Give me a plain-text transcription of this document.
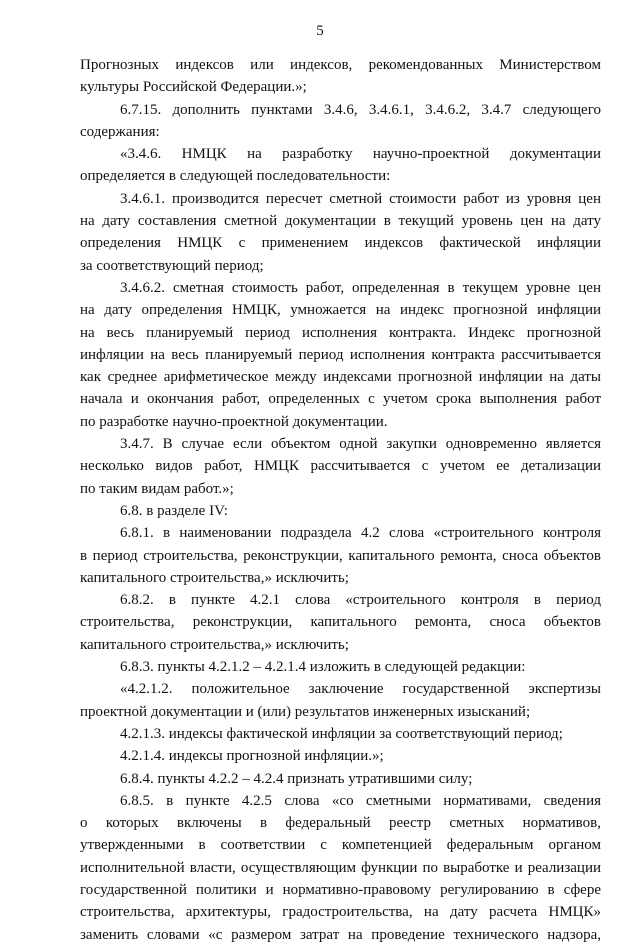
5
Прогнозных индексов или индексов, рекомендованных Министерством
культуры Российской Федерации.»;
6.7.15. дополнить пунктами 3.4.6, 3.4.6.1, 3.4.6.2, 3.4.7 следующего
содержания:
«3.4.6. НМЦК на разработку научно-проектной документации
определяется в следующей последовательности:
3.4.6.1. производится пересчет сметной стоимости работ из уровня цен
на дату составления сметной документации в текущий уровень цен на дату
определения НМЦК с применением индексов фактической инфляции
за соответствующий период;
3.4.6.2. сметная стоимость работ, определенная в текущем уровне цен
на дату определения НМЦК, умножается на индекс прогнозной инфляции
на весь планируемый период исполнения контракта. Индекс прогнозной
инфляции на весь планируемый период исполнения контракта рассчитывается
как среднее арифметическое между индексами прогнозной инфляции на даты
начала и окончания работ, определенных с учетом срока выполнения работ
по разработке научно-проектной документации.
3.4.7. В случае если объектом одной закупки одновременно является
несколько видов работ, НМЦК рассчитывается с учетом ее детализации
по таким видам работ.»;
6.8. в разделе IV:
6.8.1. в наименовании подраздела 4.2 слова «строительного контроля
в период строительства, реконструкции, капитального ремонта, сноса объектов
капитального строительства,» исключить;
6.8.2. в пункте 4.2.1 слова «строительного контроля в период
строительства, реконструкции, капитального ремонта, сноса объектов
капитального строительства,» исключить;
6.8.3. пункты 4.2.1.2 – 4.2.1.4 изложить в следующей редакции:
«4.2.1.2. положительное заключение государственной экспертизы
проектной документации и (или) результатов инженерных изысканий;
4.2.1.3. индексы фактической инфляции за соответствующий период;
4.2.1.4. индексы прогнозной инфляции.»;
6.8.4. пункты 4.2.2 – 4.2.4 признать утратившими силу;
6.8.5. в пункте 4.2.5 слова «со сметными нормативами, сведения
о которых включены в федеральный реестр сметных нормативов,
утвержденными в соответствии с компетенцией федеральным органом
исполнительной власти, осуществляющим функции по выработке и реализации
государственной политики и нормативно-правовому регулированию в сфере
строительства, архитектуры, градостроительства, на дату расчета НМЦК»
заменить словами «с размером затрат на проведение технического надзора,
